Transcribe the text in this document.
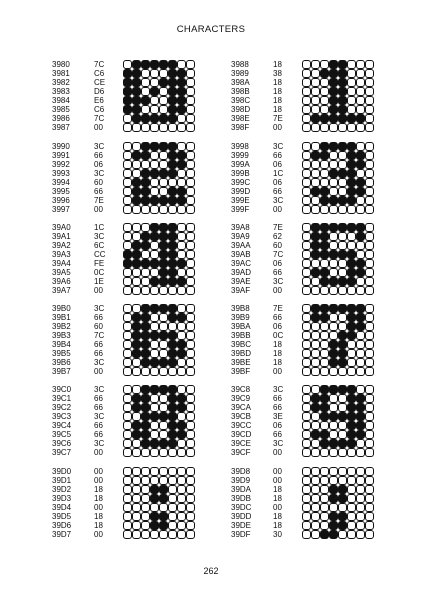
CHARACTERS
3980
3981
3982
3983
3984
3985
3986
3987
7C
C6
CE
D6
E6
C6
7C
00
3988
3989
398A
398B
398C
398D
398E
398F
18
38
18
18
18
18
7E
00
3990
3991
3992
3993
3994
3995
3996
3997
3C
66
06
3C
60
66
7E
00
3998
3999
399A
399B
399C
399D
399E
399F
3C
66
06
1C
06
66
3C
00
39A0
39A1
39A2
39A3
39A4
39A5
39A6
39A7
1C
3C
6C
CC
FE
0C
1E
00
39A8
39A9
39AA
39AB
39AC
39AD
39AE
39AF
7E
62
60
7C
06
66
3C
00
39B0
39B1
39B2
39B3
39B4
39B5
39B6
39B7
3C
66
60
7C
66
66
3C
00
39B8
39B9
39BA
39BB
39BC
39BD
39BE
39BF
7E
66
06
0C
18
18
18
00
39C0
39C1
39C2
39C3
39C4
39C5
39C6
39C7
3C
66
66
3C
66
66
3C
00
39C8
39C9
39CA
39CB
39CC
39CD
39CE
39CF
3C
66
66
3E
06
66
3C
00
39D0
39D1
39D2
39D3
39D4
39D5
39D6
39D7
00
00
18
18
00
18
18
00
39D8
39D9
39DA
39DB
39DC
39DD
39DE
39DF
00
00
18
18
00
18
18
30
262
